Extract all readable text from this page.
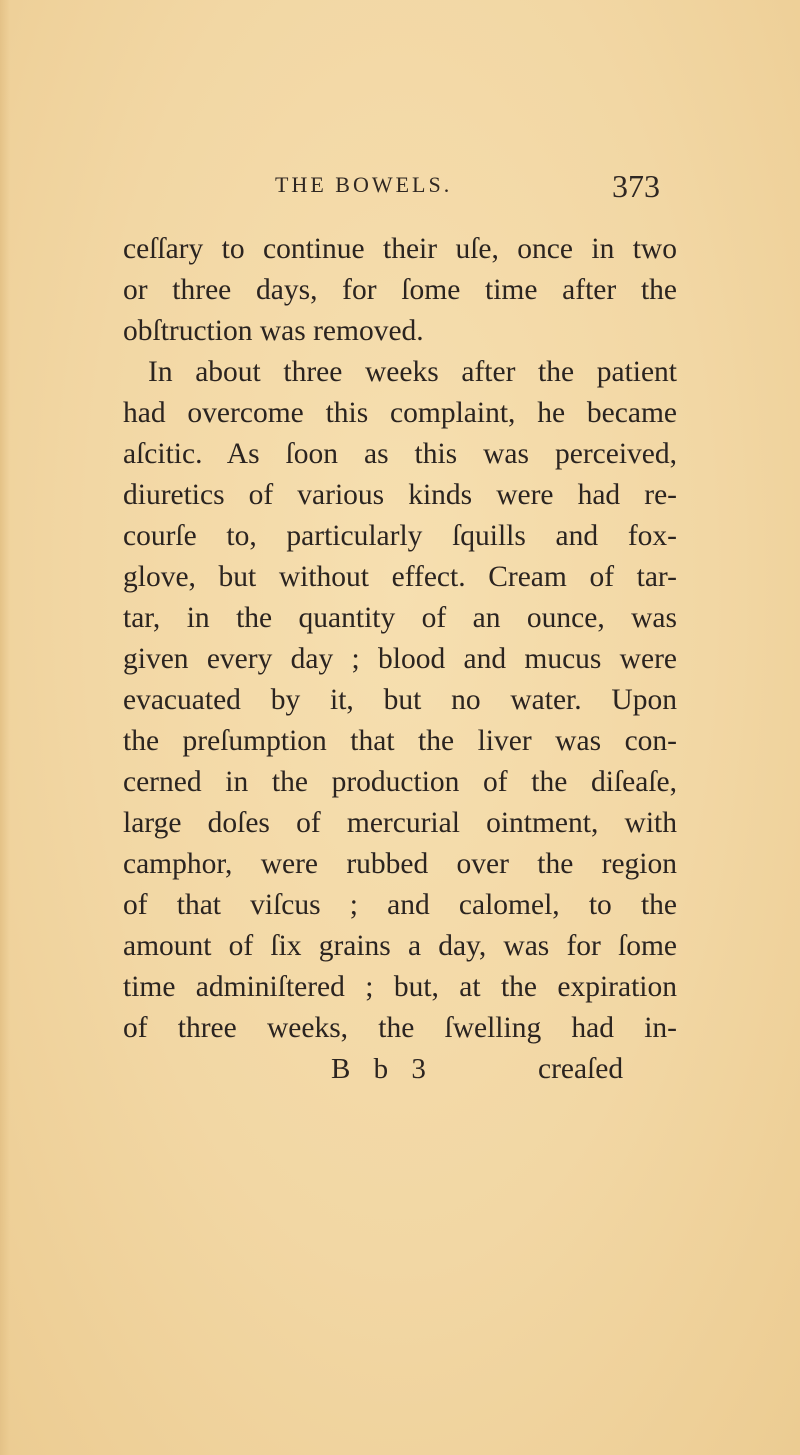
THE BOWELS.	373
ceſſary to continue their uſe, once in two
or three days, for ſome time after the
obſtruction was removed.
In about three weeks after the patient
had overcome this complaint, he became
aſcitic. As ſoon as this was perceived,
diuretics of various kinds were had re-
courſe to, particularly ſquills and fox-
glove, but without effect. Cream of tar-
tar, in the quantity of an ounce, was
given every day ; blood and mucus were
evacuated by it, but no water. Upon
the preſumption that the liver was con-
cerned in the production of the diſeaſe,
large doſes of mercurial ointment, with
camphor, were rubbed over the region
of that viſcus ; and calomel, to the
amount of ſix grains a day, was for ſome
time adminiſtered ; but, at the expiration
of three weeks, the ſwelling had in-
B b 3	creaſed
